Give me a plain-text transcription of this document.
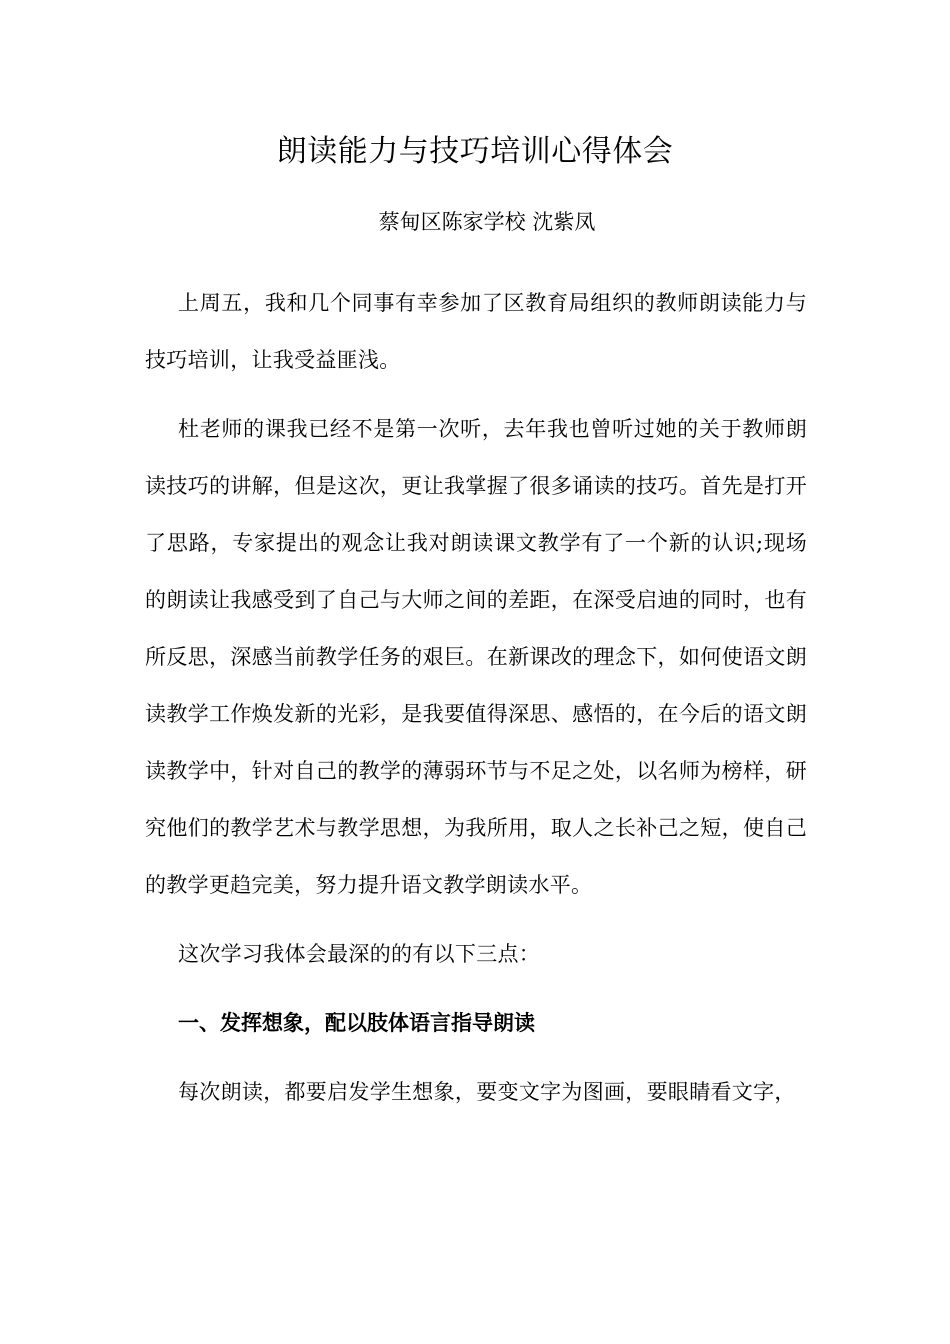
朗读能力与技巧培训心得体会

蔡甸区陈家学校 沈紫凤

上周五，我和几个同事有幸参加了区教育局组织的教师朗读能力与技巧培训，让我受益匪浅。

杜老师的课我已经不是第一次听，去年我也曾听过她的关于教师朗读技巧的讲解，但是这次，更让我掌握了很多诵读的技巧。首先是打开了思路，专家提出的观念让我对朗读课文教学有了一个新的认识;现场的朗读让我感受到了自己与大师之间的差距，在深受启迪的同时，也有所反思，深感当前教学任务的艰巨。在新课改的理念下，如何使语文朗读教学工作焕发新的光彩，是我要值得深思、感悟的，在今后的语文朗读教学中，针对自己的教学的薄弱环节与不足之处，以名师为榜样，研究他们的教学艺术与教学思想，为我所用，取人之长补己之短，使自己的教学更趋完美，努力提升语文教学朗读水平。

这次学习我体会最深的的有以下三点：

一、发挥想象，配以肢体语言指导朗读

每次朗读，都要启发学生想象，要变文字为图画，要眼睛看文字，
